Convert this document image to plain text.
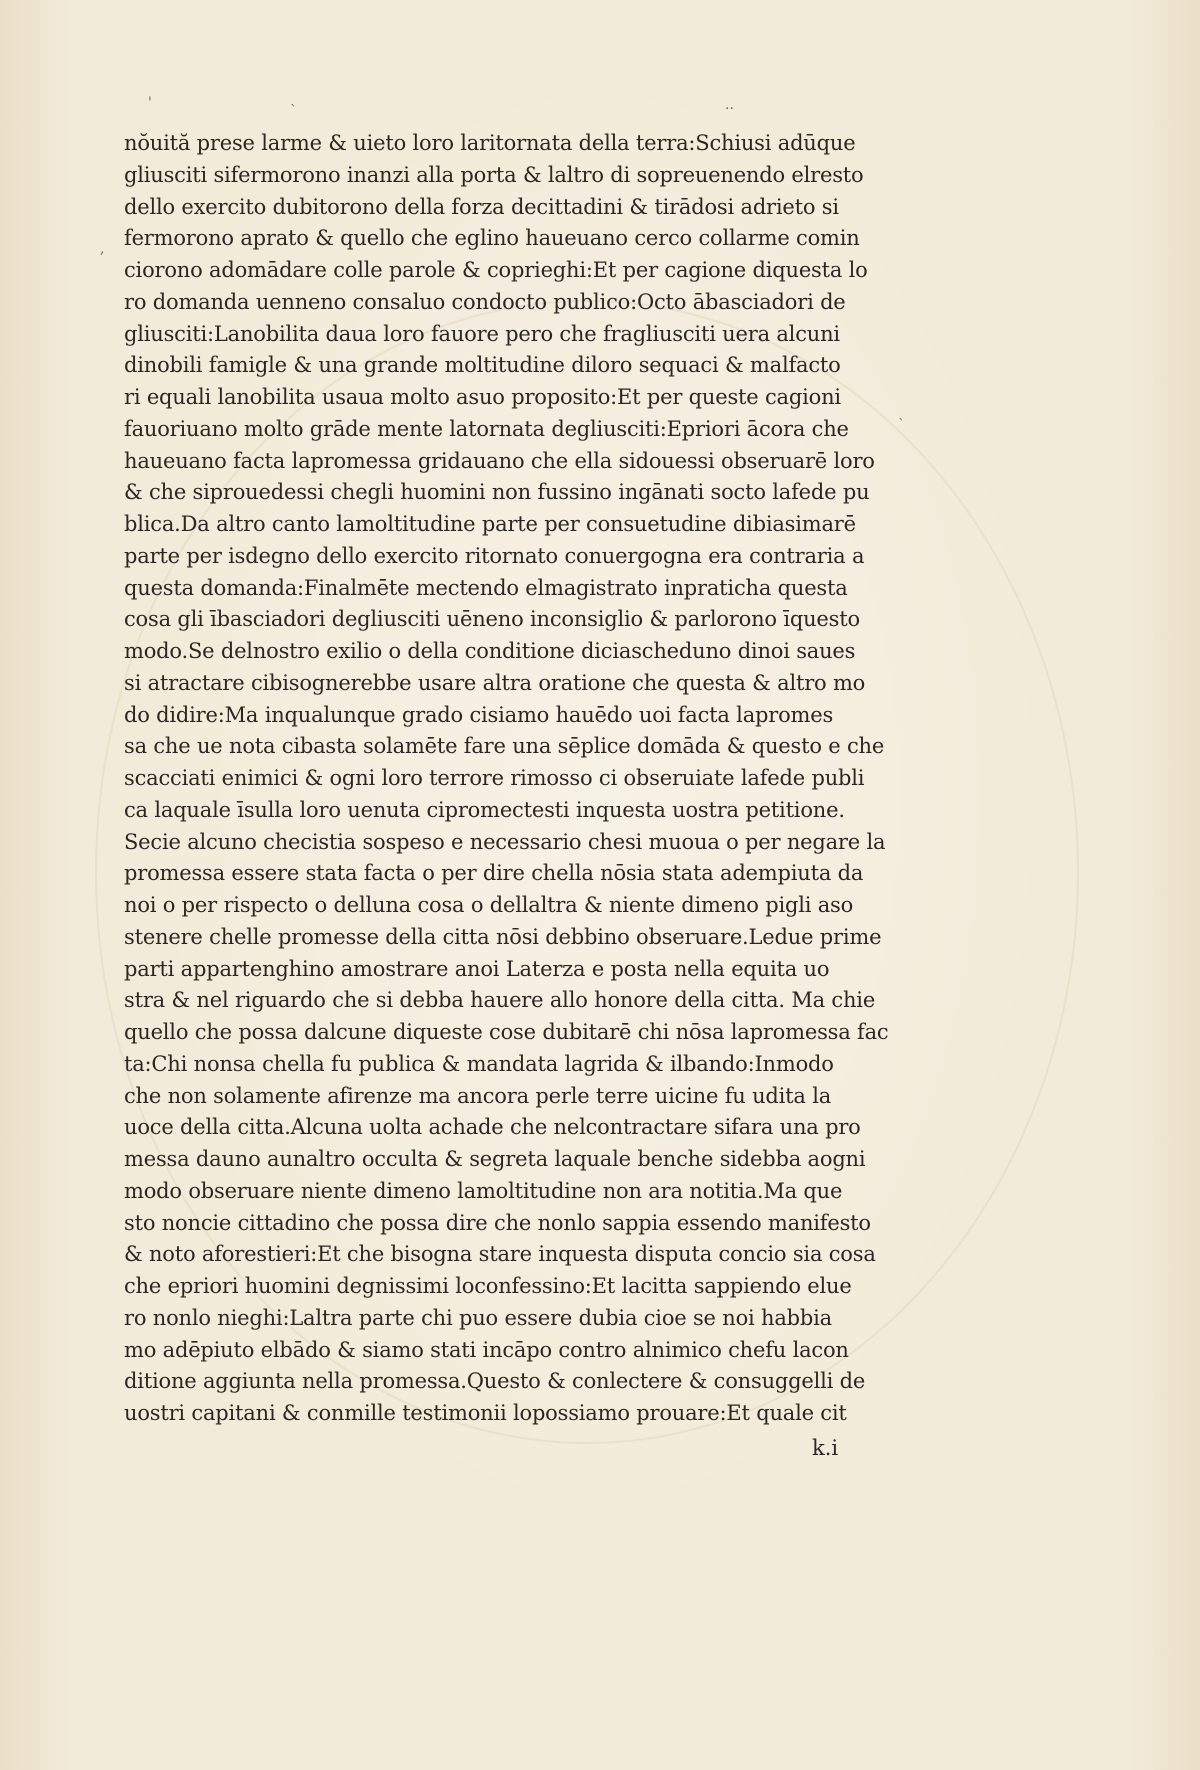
'	`	..
,
`
nŏuită prese larme & uieto loro laritornata della terra:Schiusi adūque
gliusciti sifermorono inanzi alla porta & laltro di sopreuenendo elresto
dello exercito dubitorono della forza decittadini & tirādosi adrieto si
fermorono aprato & quello che eglino haueuano cerco collarme comin
ciorono adomādare colle parole & coprieghi:Et per cagione diquesta lo
ro domanda uenneno consaluo condocto publico:Octo ābasciadori de
gliusciti:Lanobilita daua loro fauore pero che fragliusciti uera alcuni
dinobili famigle & una grande moltitudine diloro sequaci & malfacto
ri equali lanobilita usaua molto asuo proposito:Et per queste cagioni
fauoriuano molto grāde mente latornata degliusciti:Epriori ācora che
haueuano facta lapromessa gridauano che ella sidouessi obseruarē loro
& che siprouedessi chegli huomini non fussino ingānati socto lafede pu
blica.Da altro canto lamoltitudine parte per consuetudine dibiasimarē
parte per isdegno dello exercito ritornato conuergogna era contraria a
questa domanda:Finalmēte mectendo elmagistrato inpraticha questa
cosa gli ībasciadori degliusciti uēneno inconsiglio & parlorono īquesto
modo.Se delnostro exilio o della conditione diciascheduno dinoi saues
si atractare cibisognerebbe usare altra oratione che questa & altro mo
do didire:Ma inqualunque grado cisiamo hauēdo uoi facta lapromes
sa che ue nota cibasta solamēte fare una sēplice domāda & questo e che
scacciati enimici & ogni loro terrore rimosso ci obseruiate lafede publi
ca laquale īsulla loro uenuta cipromectesti inquesta uostra petitione.
Secie alcuno checistia sospeso e necessario chesi muoua o per negare la
promessa essere stata facta o per dire chella nōsia stata adempiuta da
noi o per rispecto o delluna cosa o dellaltra & niente dimeno pigli aso
stenere chelle promesse della citta nōsi debbino obseruare.Ledue prime
parti appartenghino amostrare anoi Laterza e posta nella equita uo
stra & nel riguardo che si debba hauere allo honore della citta. Ma chie
quello che possa dalcune diqueste cose dubitarē chi nōsa lapromessa fac
ta:Chi nonsa chella fu publica & mandata lagrida & ilbando:Inmodo
che non solamente afirenze ma ancora perle terre uicine fu udita la
uoce della citta.Alcuna uolta achade che nelcontractare sifara una pro
messa dauno aunaltro occulta & segreta laquale benche sidebba aogni
modo obseruare niente dimeno lamoltitudine non ara notitia.Ma que
sto noncie cittadino che possa dire che nonlo sappia essendo manifesto
& noto aforestieri:Et che bisogna stare inquesta disputa concio sia cosa
che epriori huomini degnissimi loconfessino:Et lacitta sappiendo elue
ro nonlo nieghi:Laltra parte chi puo essere dubia cioe se noi habbia
mo adēpiuto elbādo & siamo stati incāpo contro alnimico chefu lacon
ditione aggiunta nella promessa.Questo & conlectere & consuggelli de
uostri capitani & conmille testimonii lopossiamo prouare:Et quale cit
k.i
